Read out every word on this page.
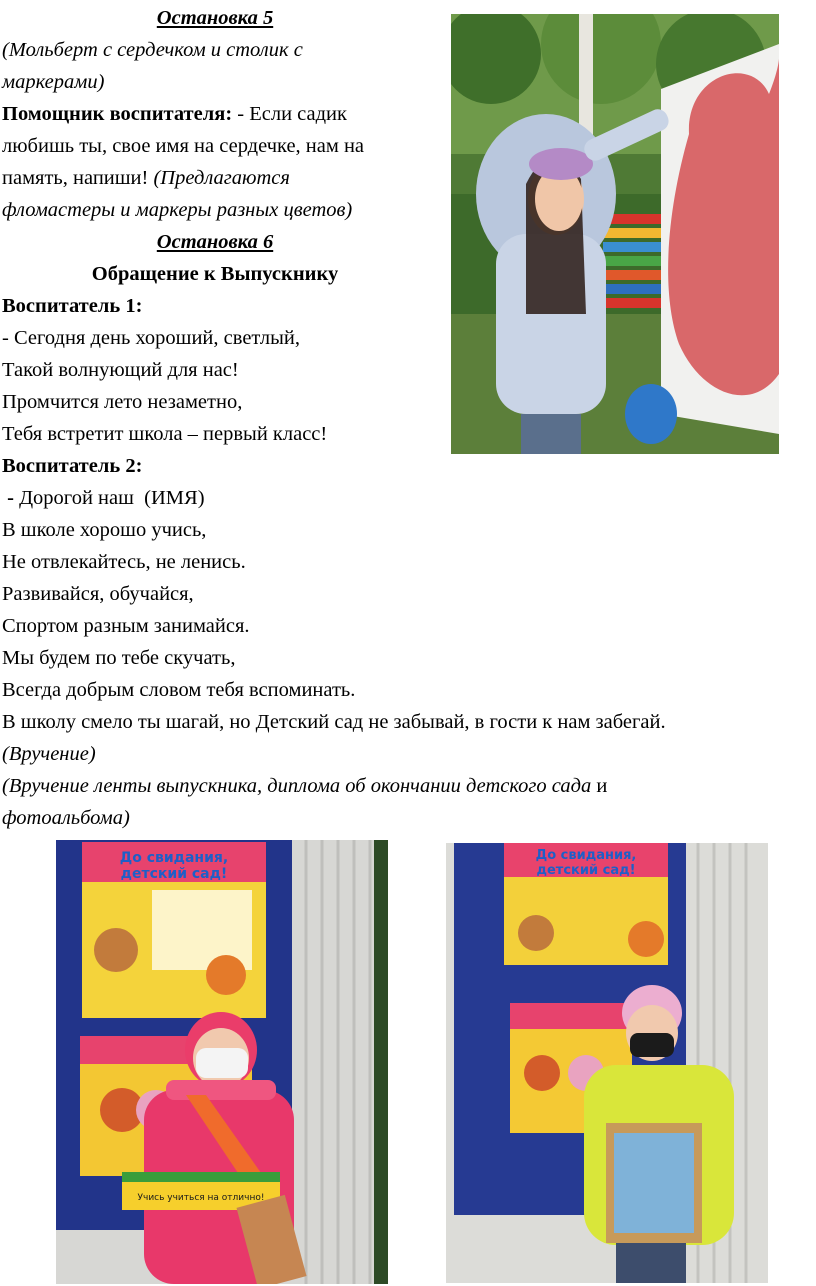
Остановка 5
(Мольберт с сердечком и столик с
маркерами)
Помощник воспитателя: - Если садик
любишь ты, свое имя на сердечке, нам на
память, напиши! (Предлагаются
фломастеры и маркеры разных цветов)
Остановка 6
Обращение к Выпускнику
Воспитатель 1:
- Сегодня день хороший, светлый,
Такой волнующий для нас!
Промчится лето незаметно,
Тебя встретит школа – первый класс!
Воспитатель 2:
- Дорогой наш  (ИМЯ)
В школе хорошо учись,
Не отвлекайтесь, не ленись.
Развивайся, обучайся,
Спортом разным занимайся.
Мы будем по тебе скучать,
Всегда добрым словом тебя вспоминать.
В школу смело ты шагай, но Детский сад не забывай, в гости к нам забегай.
(Вручение)
(Вручение ленты выпускника, диплома об окончании детского сада и
фотоальбома)
До свидания,
детский сад!
Учись учиться на отлично!
До свидания,
детский сад!
